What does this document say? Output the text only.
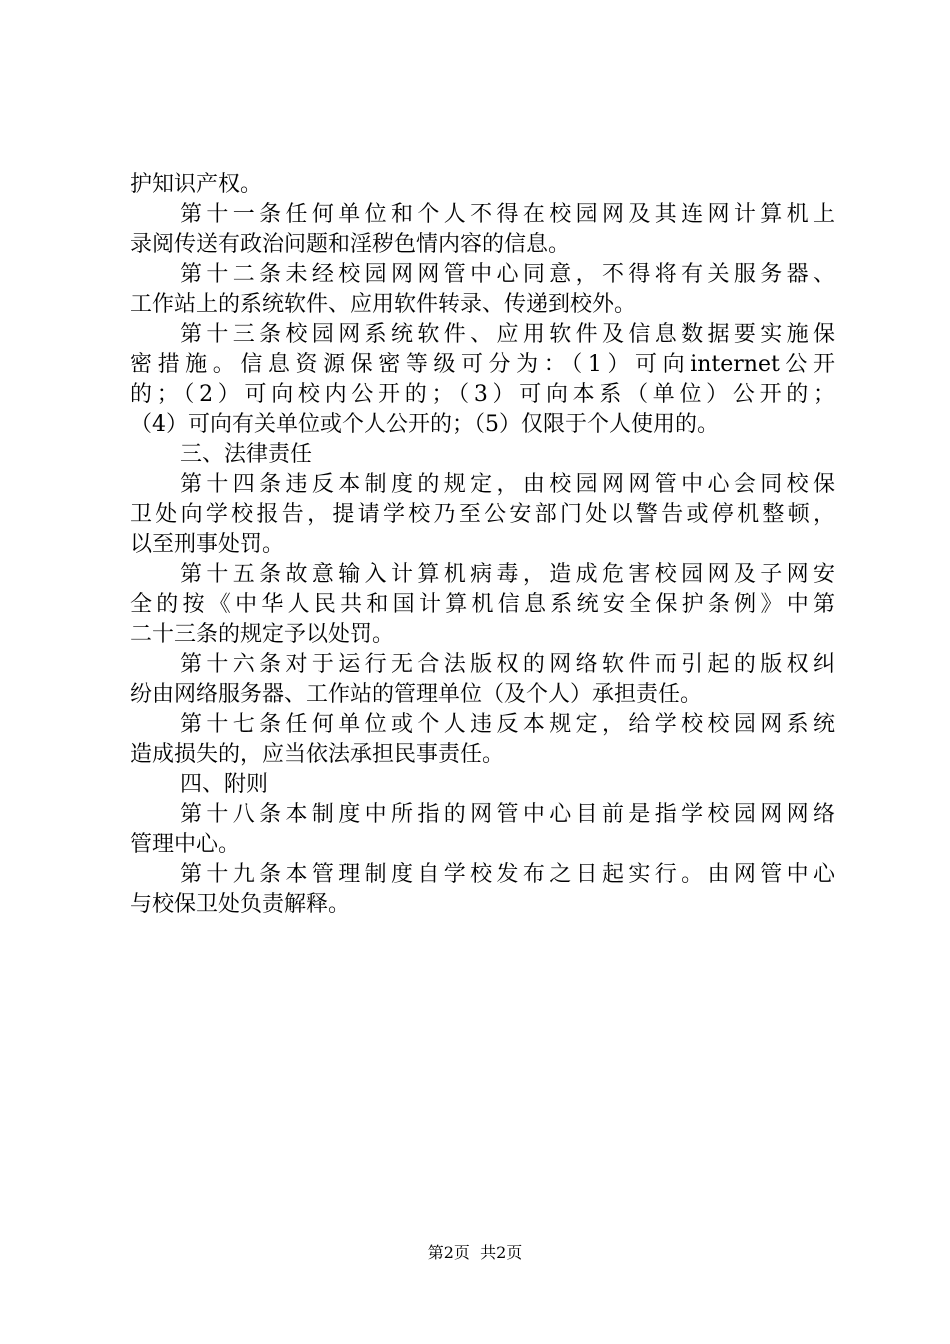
护知识产权。
第十一条任何单位和个人不得在校园网及其连网计算机上
录阅传送有政治问题和淫秽色情内容的信息。
第十二条未经校园网网管中心同意，不得将有关服务器、
工作站上的系统软件、应用软件转录、传递到校外。
第十三条校园网系统软件、应用软件及信息数据要实施保
密措施。信息资源保密等级可分为：（1）可向internet公开
的；（2）可向校内公开的；（3）可向本系（单位）公开的；
（4）可向有关单位或个人公开的；（5）仅限于个人使用的。
三、法律责任
第十四条违反本制度的规定，由校园网网管中心会同校保
卫处向学校报告，提请学校乃至公安部门处以警告或停机整顿，
以至刑事处罚。
第十五条故意输入计算机病毒，造成危害校园网及子网安
全的按《中华人民共和国计算机信息系统安全保护条例》中第
二十三条的规定予以处罚。
第十六条对于运行无合法版权的网络软件而引起的版权纠
纷由网络服务器、工作站的管理单位（及个人）承担责任。
第十七条任何单位或个人违反本规定，给学校校园网系统
造成损失的，应当依法承担民事责任。
四、附则
第十八条本制度中所指的网管中心目前是指学校园网网络
管理中心。
第十九条本管理制度自学校发布之日起实行。由网管中心
与校保卫处负责解释。
第2页 共2页
